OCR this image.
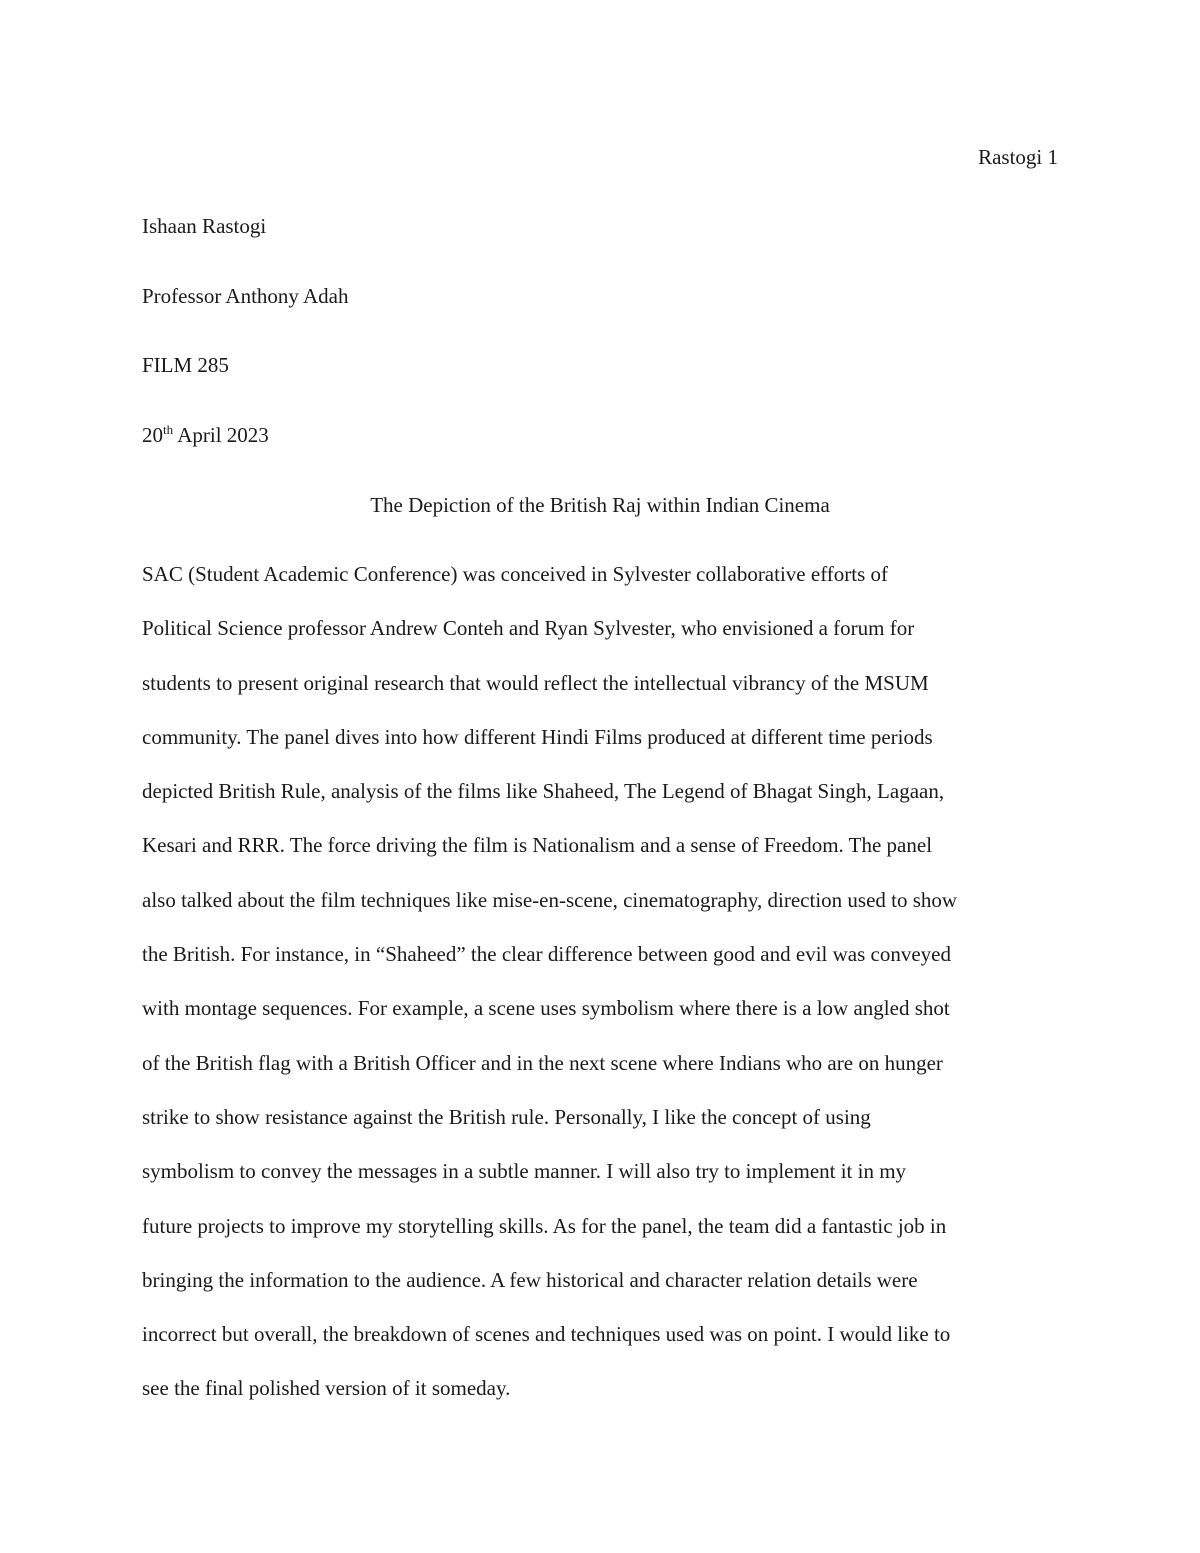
Rastogi 1
Ishaan Rastogi
Professor Anthony Adah
FILM 285
20th April 2023
The Depiction of the British Raj within Indian Cinema
SAC (Student Academic Conference) was conceived in Sylvester collaborative efforts of
Political Science professor Andrew Conteh and Ryan Sylvester, who envisioned a forum for
students to present original research that would reflect the intellectual vibrancy of the MSUM
community. The panel dives into how different Hindi Films produced at different time periods
depicted British Rule, analysis of the films like Shaheed, The Legend of Bhagat Singh, Lagaan,
Kesari and RRR. The force driving the film is Nationalism and a sense of Freedom. The panel
also talked about the film techniques like mise-en-scene, cinematography, direction used to show
the British. For instance, in “Shaheed” the clear difference between good and evil was conveyed
with montage sequences. For example, a scene uses symbolism where there is a low angled shot
of the British flag with a British Officer and in the next scene where Indians who are on hunger
strike to show resistance against the British rule. Personally, I like the concept of using
symbolism to convey the messages in a subtle manner. I will also try to implement it in my
future projects to improve my storytelling skills. As for the panel, the team did a fantastic job in
bringing the information to the audience. A few historical and character relation details were
incorrect but overall, the breakdown of scenes and techniques used was on point. I would like to
see the final polished version of it someday.
